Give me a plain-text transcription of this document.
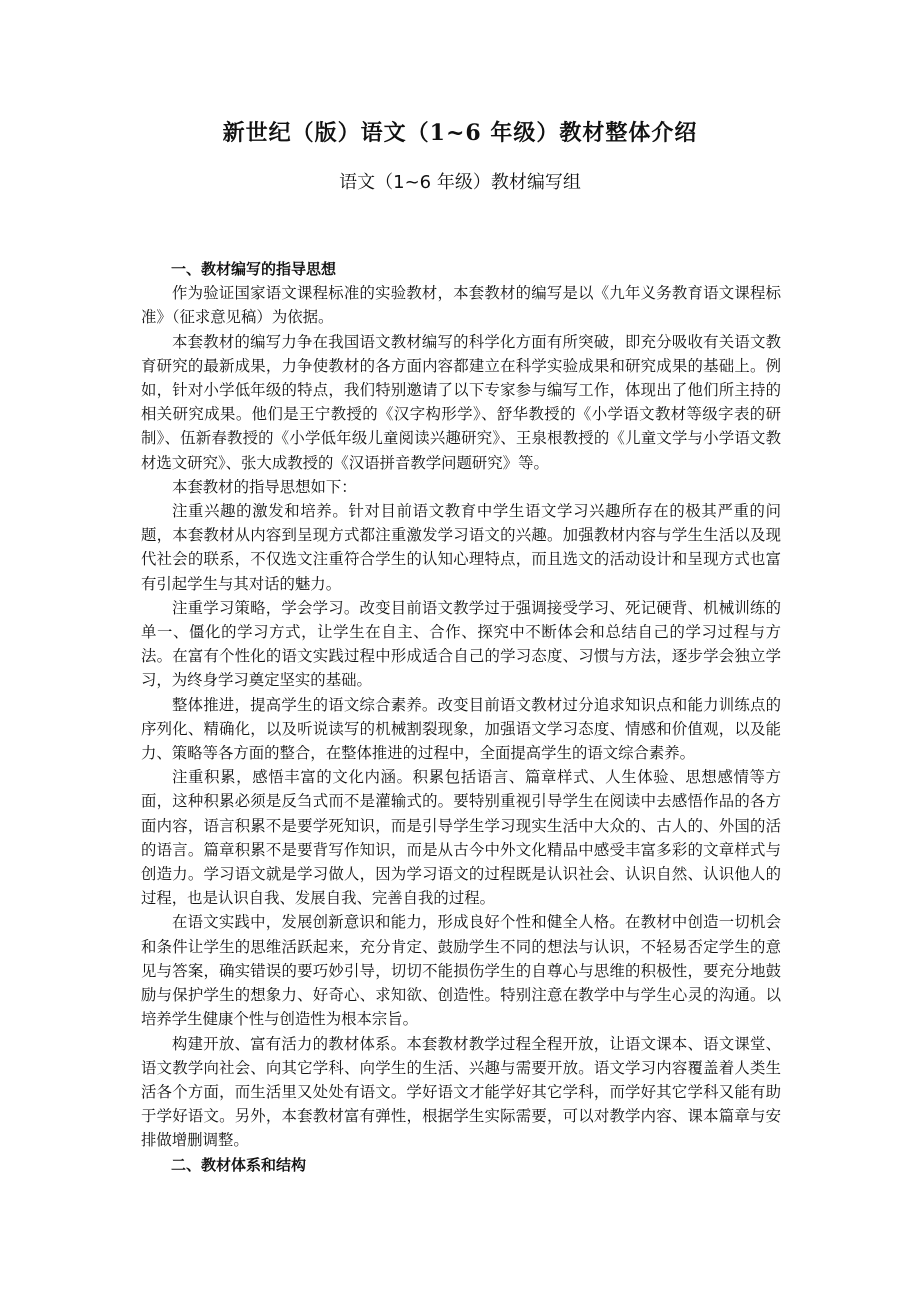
新世纪（版）语文（1~6 年级）教材整体介绍

语文（1~6 年级）教材编写组

一、教材编写的指导思想

作为验证国家语文课程标准的实验教材，本套教材的编写是以《九年义务教育语文课程标准》（征求意见稿）为依据。

本套教材的编写力争在我国语文教材编写的科学化方面有所突破，即充分吸收有关语文教育研究的最新成果，力争使教材的各方面内容都建立在科学实验成果和研究成果的基础上。例如，针对小学低年级的特点，我们特别邀请了以下专家参与编写工作，体现出了他们所主持的相关研究成果。他们是王宁教授的《汉字构形学》、舒华教授的《小学语文教材等级字表的研制》、伍新春教授的《小学低年级儿童阅读兴趣研究》、王泉根教授的《儿童文学与小学语文教材选文研究》、张大成教授的《汉语拼音教学问题研究》等。

本套教材的指导思想如下：

注重兴趣的激发和培养。针对目前语文教育中学生语文学习兴趣所存在的极其严重的问题，本套教材从内容到呈现方式都注重激发学习语文的兴趣。加强教材内容与学生生活以及现代社会的联系，不仅选文注重符合学生的认知心理特点，而且选文的活动设计和呈现方式也富有引起学生与其对话的魅力。

注重学习策略，学会学习。改变目前语文教学过于强调接受学习、死记硬背、机械训练的单一、僵化的学习方式，让学生在自主、合作、探究中不断体会和总结自己的学习过程与方法。在富有个性化的语文实践过程中形成适合自己的学习态度、习惯与方法，逐步学会独立学习，为终身学习奠定坚实的基础。

整体推进，提高学生的语文综合素养。改变目前语文教材过分追求知识点和能力训练点的序列化、精确化，以及听说读写的机械割裂现象，加强语文学习态度、情感和价值观，以及能力、策略等各方面的整合，在整体推进的过程中，全面提高学生的语文综合素养。

注重积累，感悟丰富的文化内涵。积累包括语言、篇章样式、人生体验、思想感情等方面，这种积累必须是反刍式而不是灌输式的。要特别重视引导学生在阅读中去感悟作品的各方面内容，语言积累不是要学死知识，而是引导学生学习现实生活中大众的、古人的、外国的活的语言。篇章积累不是要背写作知识，而是从古今中外文化精品中感受丰富多彩的文章样式与创造力。学习语文就是学习做人，因为学习语文的过程既是认识社会、认识自然、认识他人的过程，也是认识自我、发展自我、完善自我的过程。

在语文实践中，发展创新意识和能力，形成良好个性和健全人格。在教材中创造一切机会和条件让学生的思维活跃起来，充分肯定、鼓励学生不同的想法与认识，不轻易否定学生的意见与答案，确实错误的要巧妙引导，切切不能损伤学生的自尊心与思维的积极性，要充分地鼓励与保护学生的想象力、好奇心、求知欲、创造性。特别注意在教学中与学生心灵的沟通。以培养学生健康个性与创造性为根本宗旨。

构建开放、富有活力的教材体系。本套教材教学过程全程开放，让语文课本、语文课堂、语文教学向社会、向其它学科、向学生的生活、兴趣与需要开放。语文学习内容覆盖着人类生活各个方面，而生活里又处处有语文。学好语文才能学好其它学科，而学好其它学科又能有助于学好语文。另外，本套教材富有弹性，根据学生实际需要，可以对教学内容、课本篇章与安排做增删调整。

二、教材体系和结构
